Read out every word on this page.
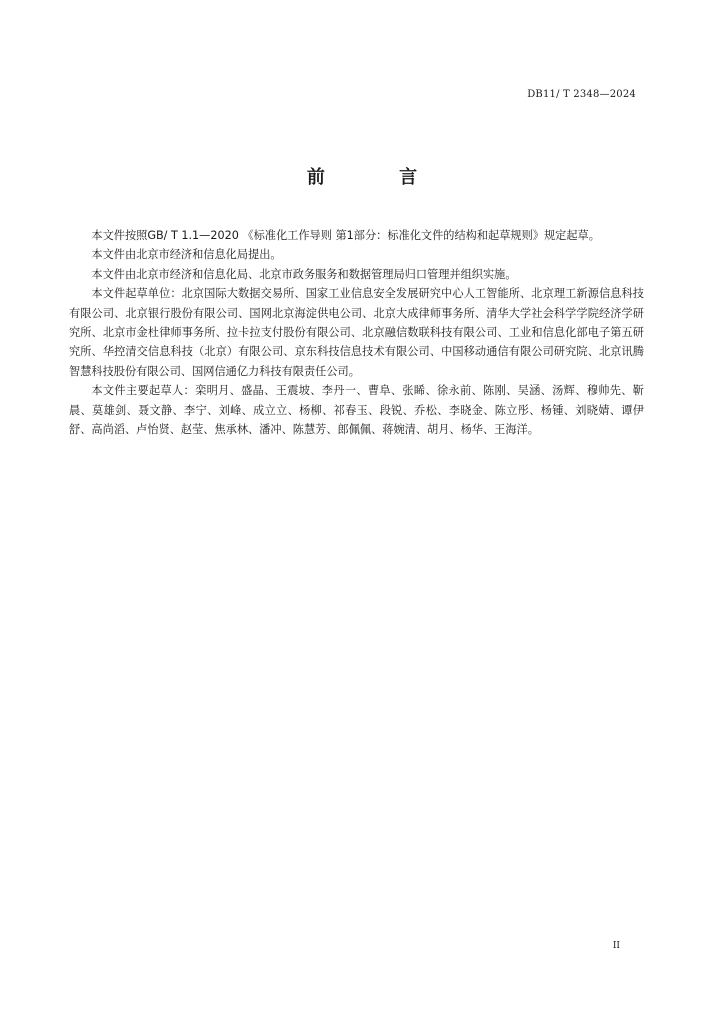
DB11/ T 2348—2024
前 言

本文件按照GB/ T 1.1—2020 《标准化工作导则 第1部分：标准化文件的结构和起草规则》规定起草。

本文件由北京市经济和信息化局提出。

本文件由北京市经济和信息化局、北京市政务服务和数据管理局归口管理并组织实施。

本文件起草单位：北京国际大数据交易所、国家工业信息安全发展研究中心人工智能所、北京理工新源信息科技有限公司、北京银行股份有限公司、国网北京海淀供电公司、北京大成律师事务所、清华大学社会科学学院经济学研究所、北京市金杜律师事务所、拉卡拉支付股份有限公司、北京融信数联科技有限公司、工业和信息化部电子第五研究所、华控清交信息科技（北京）有限公司、京东科技信息技术有限公司、中国移动通信有限公司研究院、北京讯腾智慧科技股份有限公司、国网信通亿力科技有限责任公司。

本文件主要起草人：栾明月、盛晶、王震坡、李丹一、曹阜、张睎、徐永前、陈刚、吴涵、汤辉、穆帅先、靳晨、莫雄剑、聂文静、李宁、刘峰、成立立、杨柳、祁春玉、段锐、乔松、李晓金、陈立彤、杨锺、刘晓婧、谭伊舒、高尚滔、卢怡贤、赵莹、焦承林、潘冲、陈慧芳、郎佩佩、蒋婉清、胡月、杨华、王海洋。

II
